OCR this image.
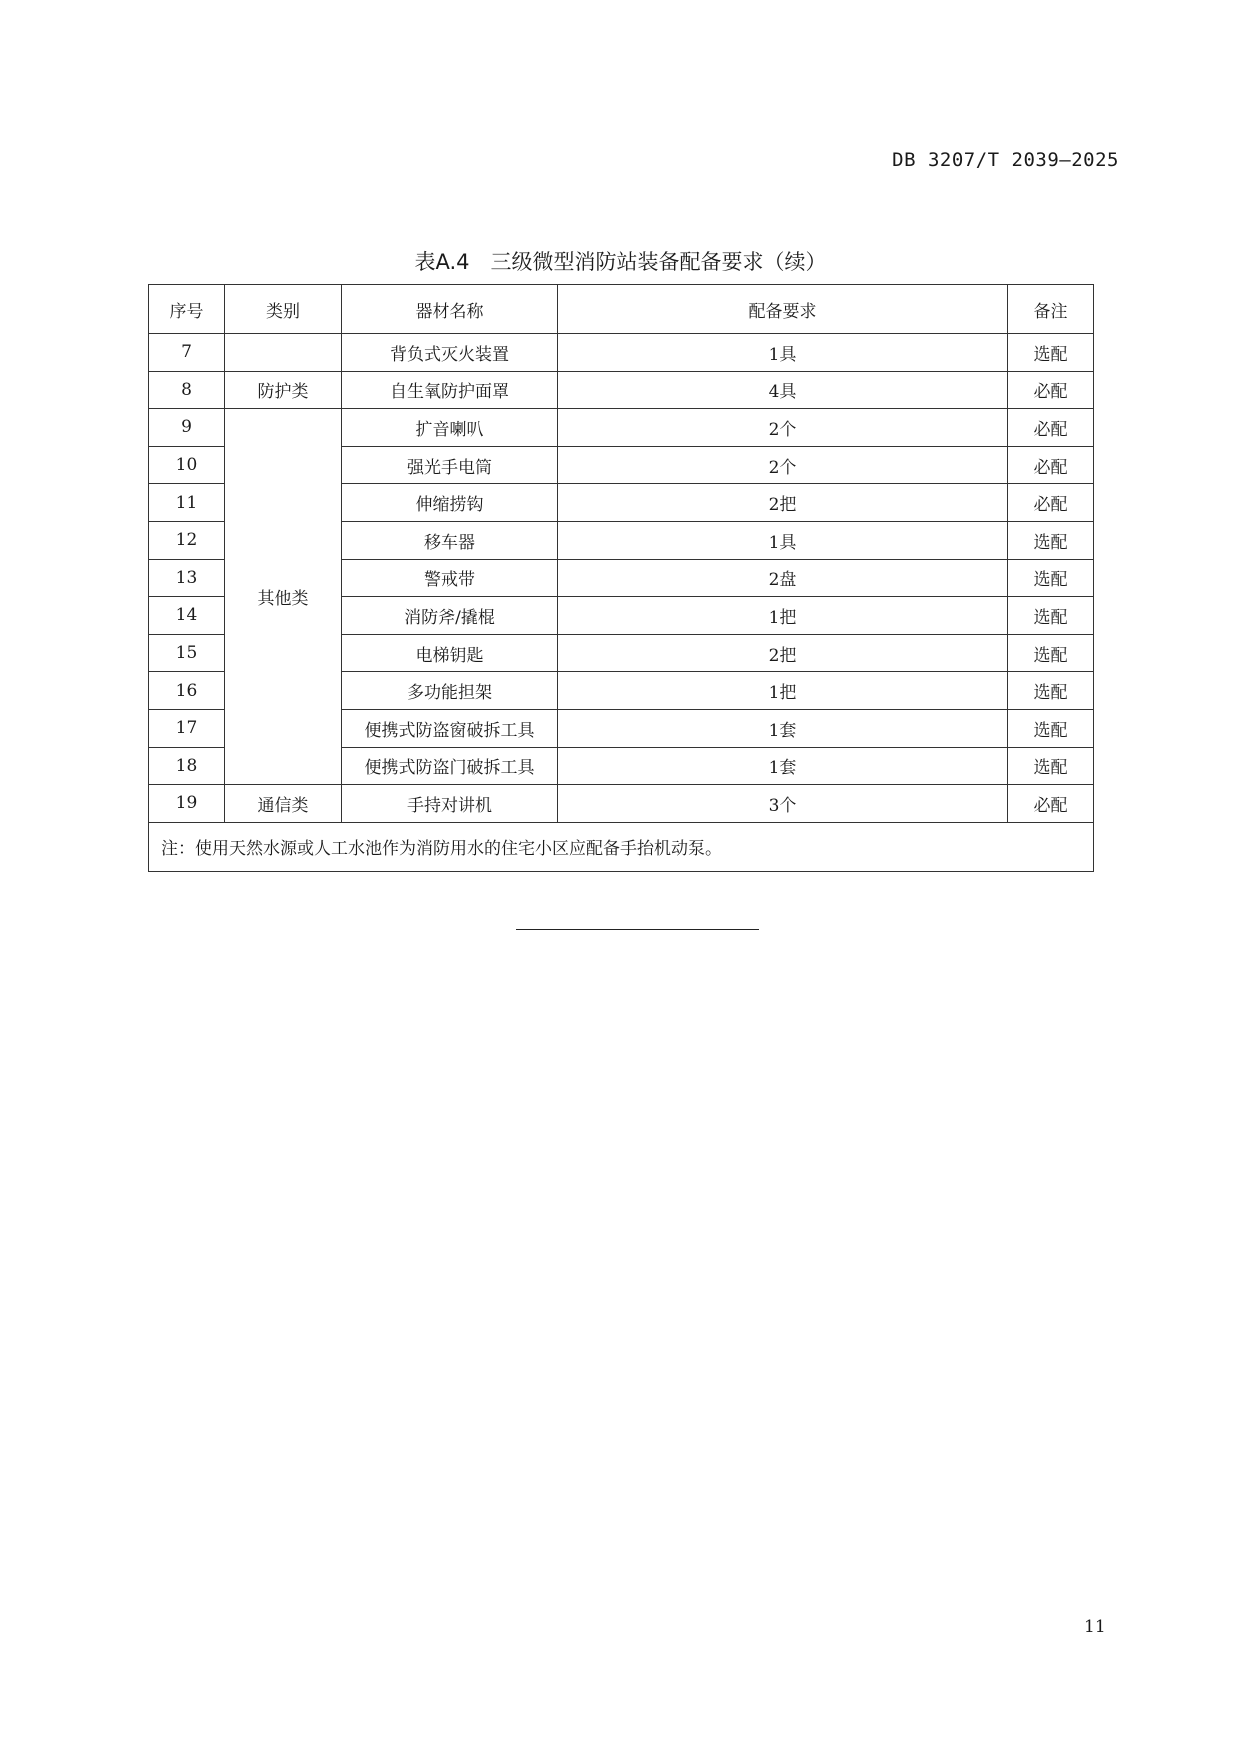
DB 3207/T 2039—2025
表A.4　三级微型消防站装备配备要求（续）
序号	类别	器材名称	配备要求	备注
7		背负式灭火装置	1具	选配
8	防护类	自生氧防护面罩	4具	必配
9	其他类	扩音喇叭	2个	必配
10		强光手电筒	2个	必配
11		伸缩捞钩	2把	必配
12		移车器	1具	选配
13		警戒带	2盘	选配
14		消防斧/撬棍	1把	选配
15		电梯钥匙	2把	选配
16		多功能担架	1把	选配
17		便携式防盗窗破拆工具	1套	选配
18		便携式防盗门破拆工具	1套	选配
19	通信类	手持对讲机	3个	必配
注：使用天然水源或人工水池作为消防用水的住宅小区应配备手抬机动泵。				
11
